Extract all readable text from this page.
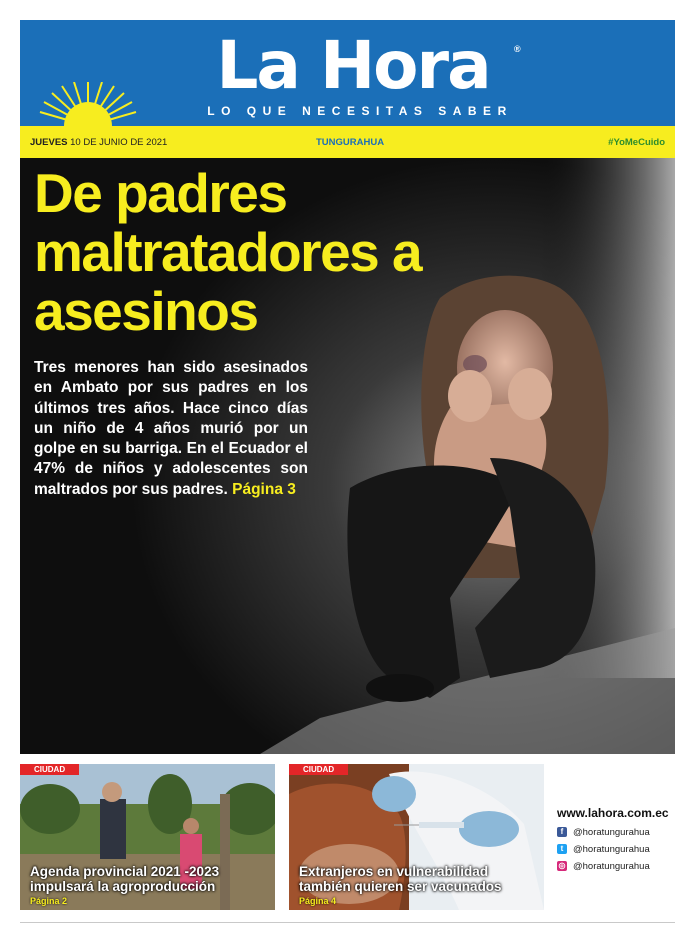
La Hora	®
LO QUE NECESITAS SABER
JUEVES 10 DE JUNIO DE 2021	TUNGURAHUA	#YoMeCuido
De padres maltratadores a asesinos
Tres menores han sido asesinados en Ambato por sus padres en los últimos tres años. Hace cinco días un niño de 4 años murió por un golpe en su barriga. En el Ecuador el 47% de niños y adolescentes son maltrados por sus padres. Página 3
CIUDAD
Agenda provincial 2021 -2023 impulsará la agroproducción
Página 2
CIUDAD
Extranjeros en vulnerabilidad también quieren ser vacunados
Página 4
www.lahora.com.ec
f @horatungurahua
t @horatungurahua
◎ @horatungurahua
